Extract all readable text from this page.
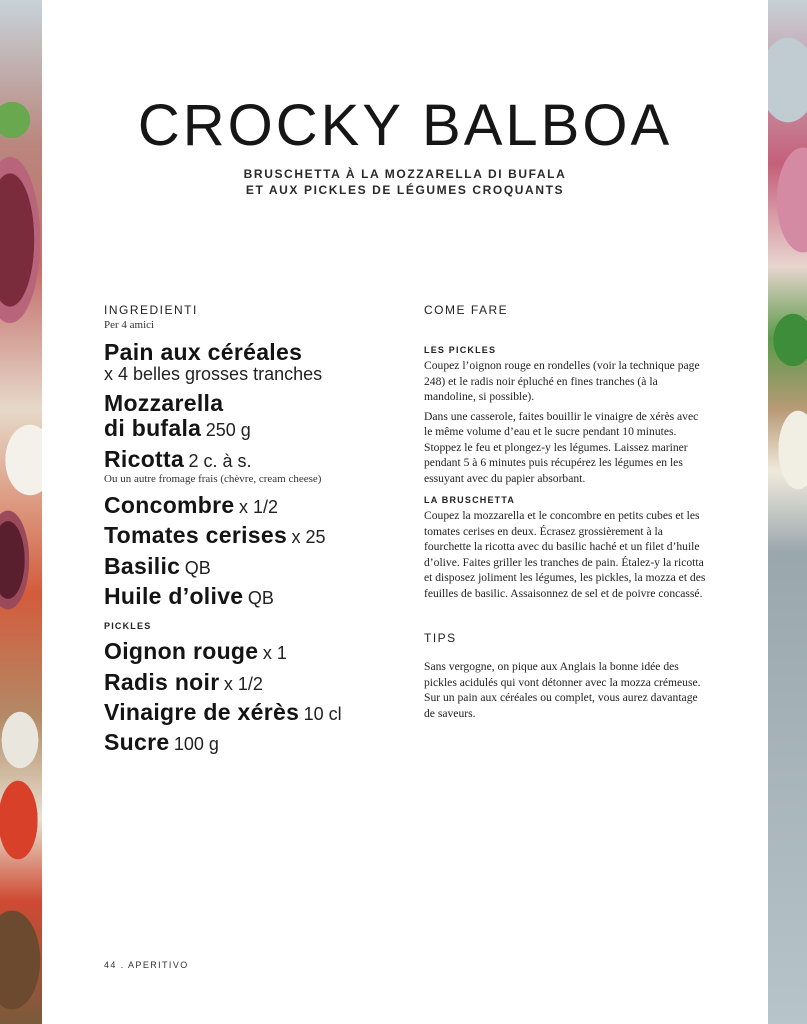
CROCKY BALBOA
BRUSCHETTA À LA MOZZARELLA DI BUFALA
ET AUX PICKLES DE LÉGUMES CROQUANTS
INGREDIENTI
Per 4 amici

Pain aux céréales
x 4 belles grosses tranches

Mozzarella
di bufala 250 g

Ricotta 2 c. à s.
Ou un autre fromage frais (chèvre, cream cheese)

Concombre x 1/2

Tomates cerises x 25

Basilic QB

Huile d’olive QB

PICKLES

Oignon rouge x 1

Radis noir x 1/2

Vinaigre de xérès 10 cl

Sucre 100 g

COME FARE
LES PICKLES

Coupez l’oignon rouge en rondelles (voir la technique page 248) et le radis noir épluché en fines tranches (à la mandoline, si possible).

Dans une casserole, faites bouillir le vinaigre de xérès avec le même volume d’eau et le sucre pendant 10 minutes. Stoppez le feu et plongez-y les légumes. Laissez mariner pendant 5 à 6 minutes puis récupérez les légumes en les essuyant avec du papier absorbant.

LA BRUSCHETTA

Coupez la mozzarella et le concombre en petits cubes et les tomates cerises en deux. Écrasez grossièrement à la fourchette la ricotta avec du basilic haché et un filet d’huile d’olive. Faites griller les tranches de pain. Étalez-y la ricotta et disposez joliment les légumes, les pickles, la mozza et des feuilles de basilic. Assaisonnez de sel et de poivre concassé.

TIPS

Sans vergogne, on pique aux Anglais la bonne idée des pickles acidulés qui vont détonner avec la mozza crémeuse. Sur un pain aux céréales ou complet, vous aurez davantage de saveurs.

44 . APERITIVO
